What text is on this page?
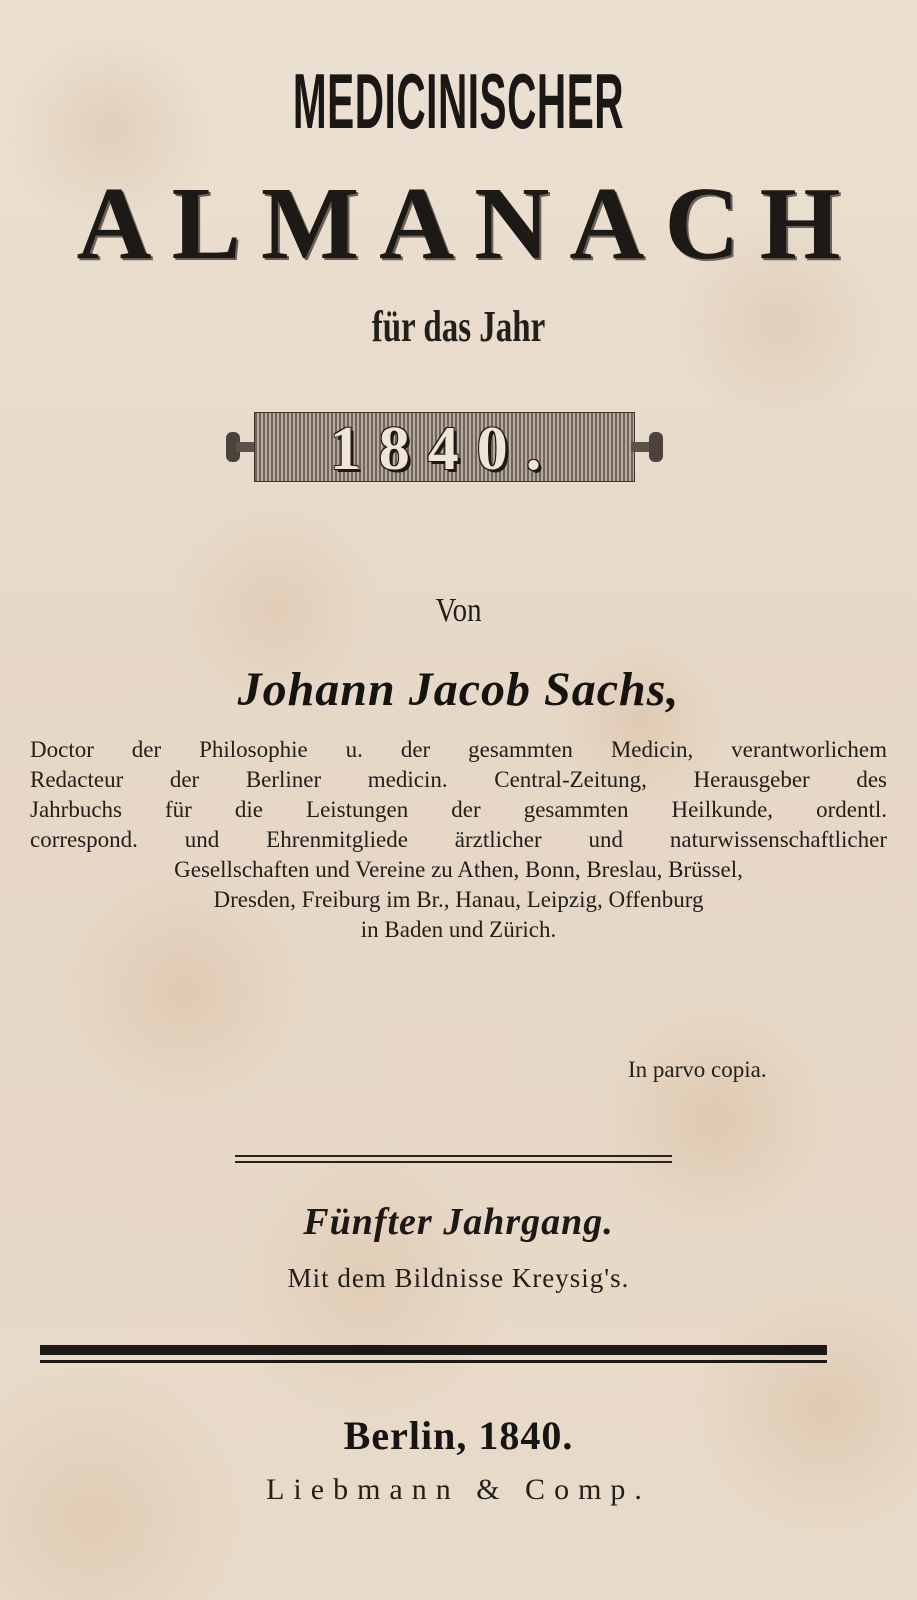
MEDICINISCHER
ALMANACH
für das Jahr
1840.
Von
Johann Jacob Sachs,
Doctor der Philosophie u. der gesammten Medicin, verantworlichem
Redacteur der Berliner medicin. Central-Zeitung, Herausgeber des
Jahrbuchs für die Leistungen der gesammten Heilkunde, ordentl.
correspond. und Ehrenmitgliede ärztlicher und naturwissenschaftlicher
Gesellschaften und Vereine zu Athen, Bonn, Breslau, Brüssel,
Dresden, Freiburg im Br., Hanau, Leipzig, Offenburg
in Baden und Zürich.
In parvo copia.
Fünfter Jahrgang.
Mit dem Bildnisse Kreysig's.
Berlin, 1840.
Liebmann & Comp.
